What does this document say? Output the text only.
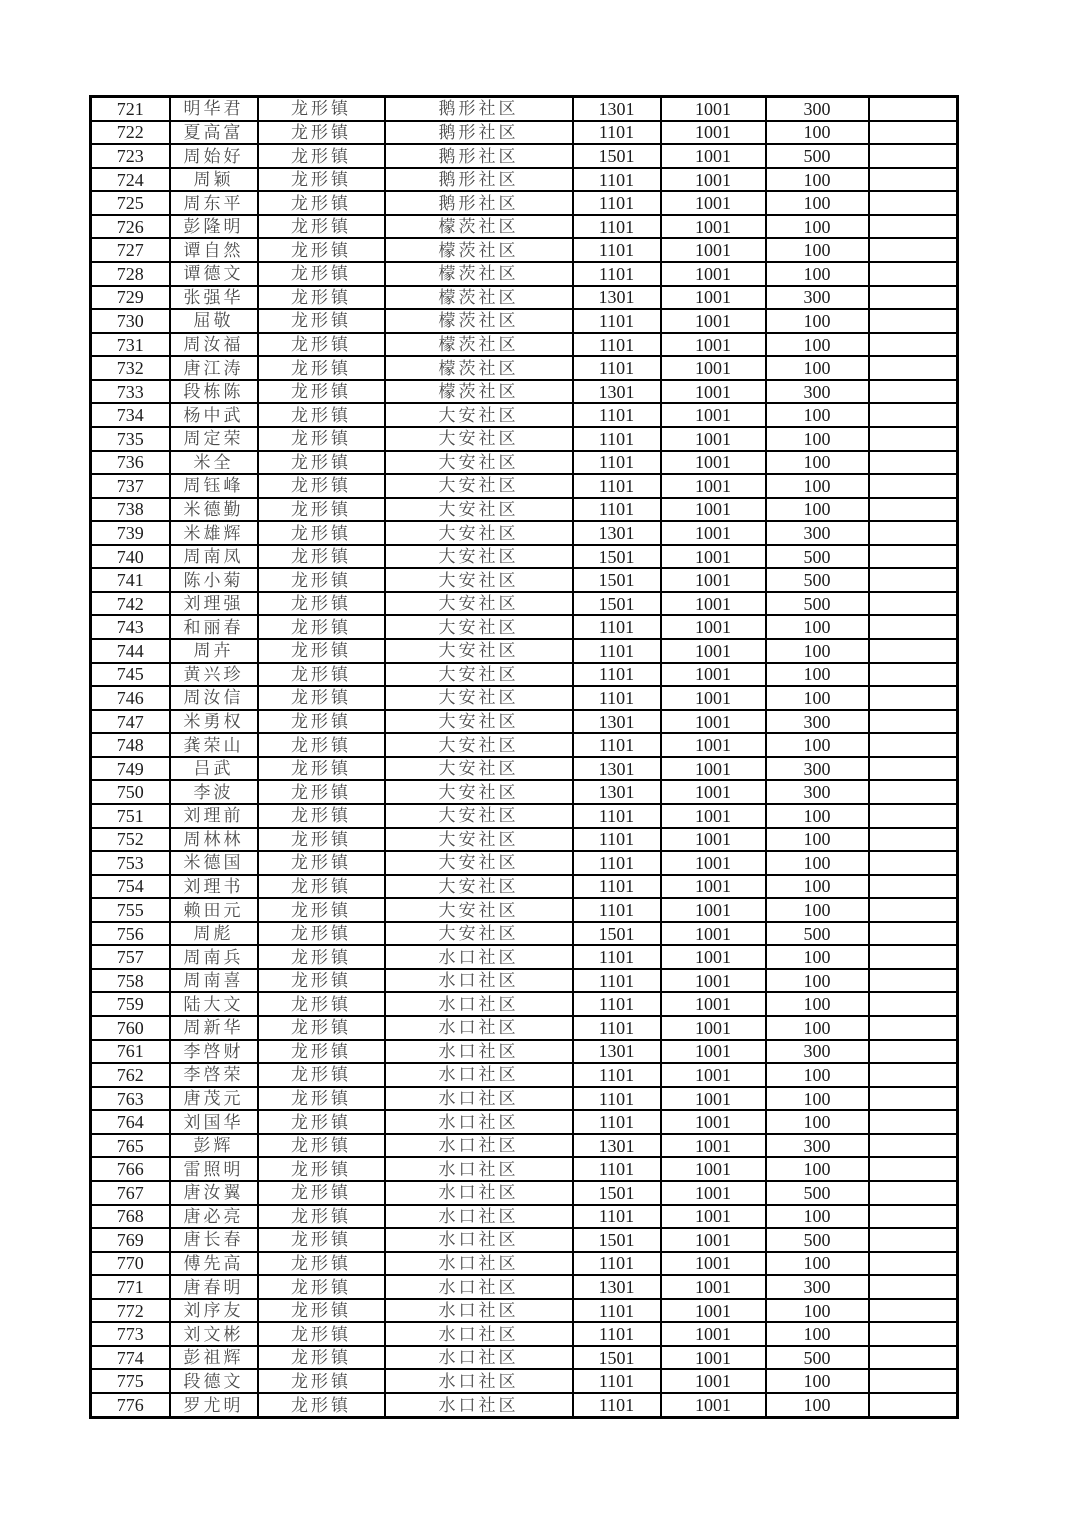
721	明华君	龙形镇	鹅形社区	1301	1001	300	
722	夏高富	龙形镇	鹅形社区	1101	1001	100	
723	周始好	龙形镇	鹅形社区	1501	1001	500	
724	周颖	龙形镇	鹅形社区	1101	1001	100	
725	周东平	龙形镇	鹅形社区	1101	1001	100	
726	彭隆明	龙形镇	檬茨社区	1101	1001	100	
727	谭自然	龙形镇	檬茨社区	1101	1001	100	
728	谭德文	龙形镇	檬茨社区	1101	1001	100	
729	张强华	龙形镇	檬茨社区	1301	1001	300	
730	屈敬	龙形镇	檬茨社区	1101	1001	100	
731	周汝福	龙形镇	檬茨社区	1101	1001	100	
732	唐江涛	龙形镇	檬茨社区	1101	1001	100	
733	段栋陈	龙形镇	檬茨社区	1301	1001	300	
734	杨中武	龙形镇	大安社区	1101	1001	100	
735	周定荣	龙形镇	大安社区	1101	1001	100	
736	米全	龙形镇	大安社区	1101	1001	100	
737	周钰峰	龙形镇	大安社区	1101	1001	100	
738	米德勤	龙形镇	大安社区	1101	1001	100	
739	米雄辉	龙形镇	大安社区	1301	1001	300	
740	周南凤	龙形镇	大安社区	1501	1001	500	
741	陈小菊	龙形镇	大安社区	1501	1001	500	
742	刘理强	龙形镇	大安社区	1501	1001	500	
743	和丽春	龙形镇	大安社区	1101	1001	100	
744	周卉	龙形镇	大安社区	1101	1001	100	
745	黄兴珍	龙形镇	大安社区	1101	1001	100	
746	周汝信	龙形镇	大安社区	1101	1001	100	
747	米勇权	龙形镇	大安社区	1301	1001	300	
748	龚荣山	龙形镇	大安社区	1101	1001	100	
749	吕武	龙形镇	大安社区	1301	1001	300	
750	李波	龙形镇	大安社区	1301	1001	300	
751	刘理前	龙形镇	大安社区	1101	1001	100	
752	周林林	龙形镇	大安社区	1101	1001	100	
753	米德国	龙形镇	大安社区	1101	1001	100	
754	刘理书	龙形镇	大安社区	1101	1001	100	
755	赖田元	龙形镇	大安社区	1101	1001	100	
756	周彪	龙形镇	大安社区	1501	1001	500	
757	周南兵	龙形镇	水口社区	1101	1001	100	
758	周南喜	龙形镇	水口社区	1101	1001	100	
759	陆大文	龙形镇	水口社区	1101	1001	100	
760	周新华	龙形镇	水口社区	1101	1001	100	
761	李啓财	龙形镇	水口社区	1301	1001	300	
762	李啓荣	龙形镇	水口社区	1101	1001	100	
763	唐茂元	龙形镇	水口社区	1101	1001	100	
764	刘国华	龙形镇	水口社区	1101	1001	100	
765	彭辉	龙形镇	水口社区	1301	1001	300	
766	雷照明	龙形镇	水口社区	1101	1001	100	
767	唐汝翼	龙形镇	水口社区	1501	1001	500	
768	唐必亮	龙形镇	水口社区	1101	1001	100	
769	唐长春	龙形镇	水口社区	1501	1001	500	
770	傅先高	龙形镇	水口社区	1101	1001	100	
771	唐春明	龙形镇	水口社区	1301	1001	300	
772	刘序友	龙形镇	水口社区	1101	1001	100	
773	刘文彬	龙形镇	水口社区	1101	1001	100	
774	彭祖辉	龙形镇	水口社区	1501	1001	500	
775	段德文	龙形镇	水口社区	1101	1001	100	
776	罗尤明	龙形镇	水口社区	1101	1001	100	
